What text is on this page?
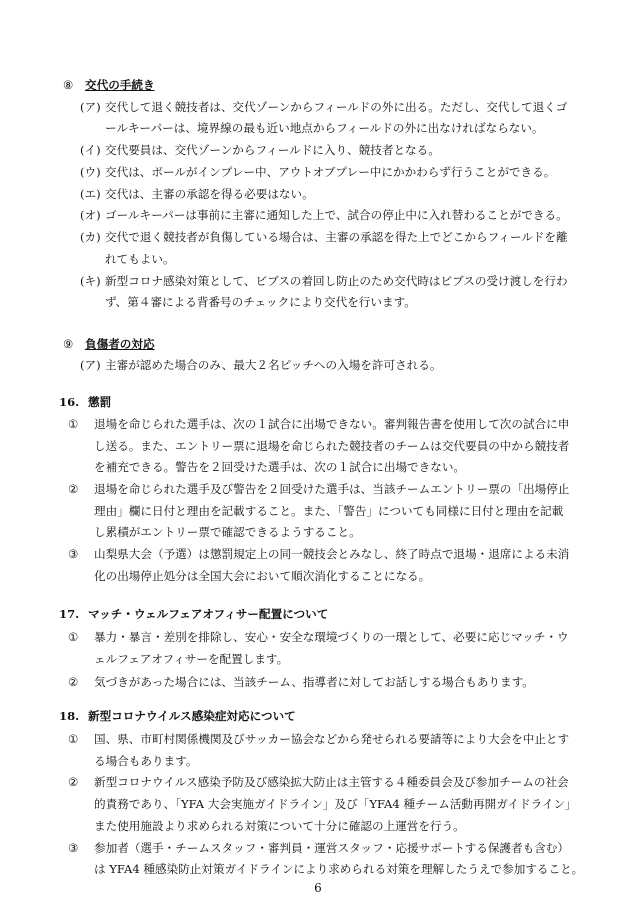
⑧ 交代の手続き
(ア) 交代して退く競技者は、交代ゾーンからフィールドの外に出る。ただし、交代して退くゴ
ールキーパーは、境界線の最も近い地点からフィールドの外に出なければならない。
(イ) 交代要員は、交代ゾーンからフィールドに入り、競技者となる。
(ウ) 交代は、ボールがインプレー中、アウトオブプレー中にかかわらず行うことができる。
(エ) 交代は、主審の承認を得る必要はない。
(オ) ゴールキーパーは事前に主審に通知した上で、試合の停止中に入れ替わることができる。
(カ) 交代で退く競技者が負傷している場合は、主審の承認を得た上でどこからフィールドを離
れてもよい。
(キ) 新型コロナ感染対策として、ビブスの着回し防止のため交代時はビブスの受け渡しを行わ
ず、第４審による背番号のチェックにより交代を行います。
⑨ 負傷者の対応
(ア) 主審が認めた場合のみ、最大２名ピッチへの入場を許可される。
16. 懲罰
① 退場を命じられた選手は、次の１試合に出場できない。審判報告書を使用して次の試合に申
し送る。また、エントリー票に退場を命じられた競技者のチームは交代要員の中から競技者
を補充できる。警告を２回受けた選手は、次の１試合に出場できない。
② 退場を命じられた選手及び警告を２回受けた選手は、当該チームエントリー票の「出場停止
理由」欄に日付と理由を記載すること。また、「警告」についても同様に日付と理由を記載
し累積がエントリー票で確認できるようすること。
③ 山梨県大会（予選）は懲罰規定上の同一競技会とみなし、終了時点で退場・退席による未消
化の出場停止処分は全国大会において順次消化することになる。
17. マッチ・ウェルフェアオフィサー配置について
① 暴力・暴言・差別を排除し、安心・安全な環境づくりの一環として、必要に応じマッチ・ウ
ェルフェアオフィサーを配置します。
② 気づきがあった場合には、当該チーム、指導者に対してお話しする場合もあります。
18. 新型コロナウイルス感染症対応について
① 国、県、市町村関係機関及びサッカー協会などから発せられる要請等により大会を中止とす
る場合もあります。
② 新型コロナウイルス感染予防及び感染拡大防止は主管する４種委員会及び参加チームの社会
的責務であり、「YFA 大会実施ガイドライン」及び「YFA4 種チーム活動再開ガイドライン」
また使用施設より求められる対策について十分に確認の上運営を行う。
③ 参加者（選手・チームスタッフ・審判員・運営スタッフ・応援サポートする保護者も含む）
は YFA4 種感染防止対策ガイドラインにより求められる対策を理解したうえで参加すること。
6
